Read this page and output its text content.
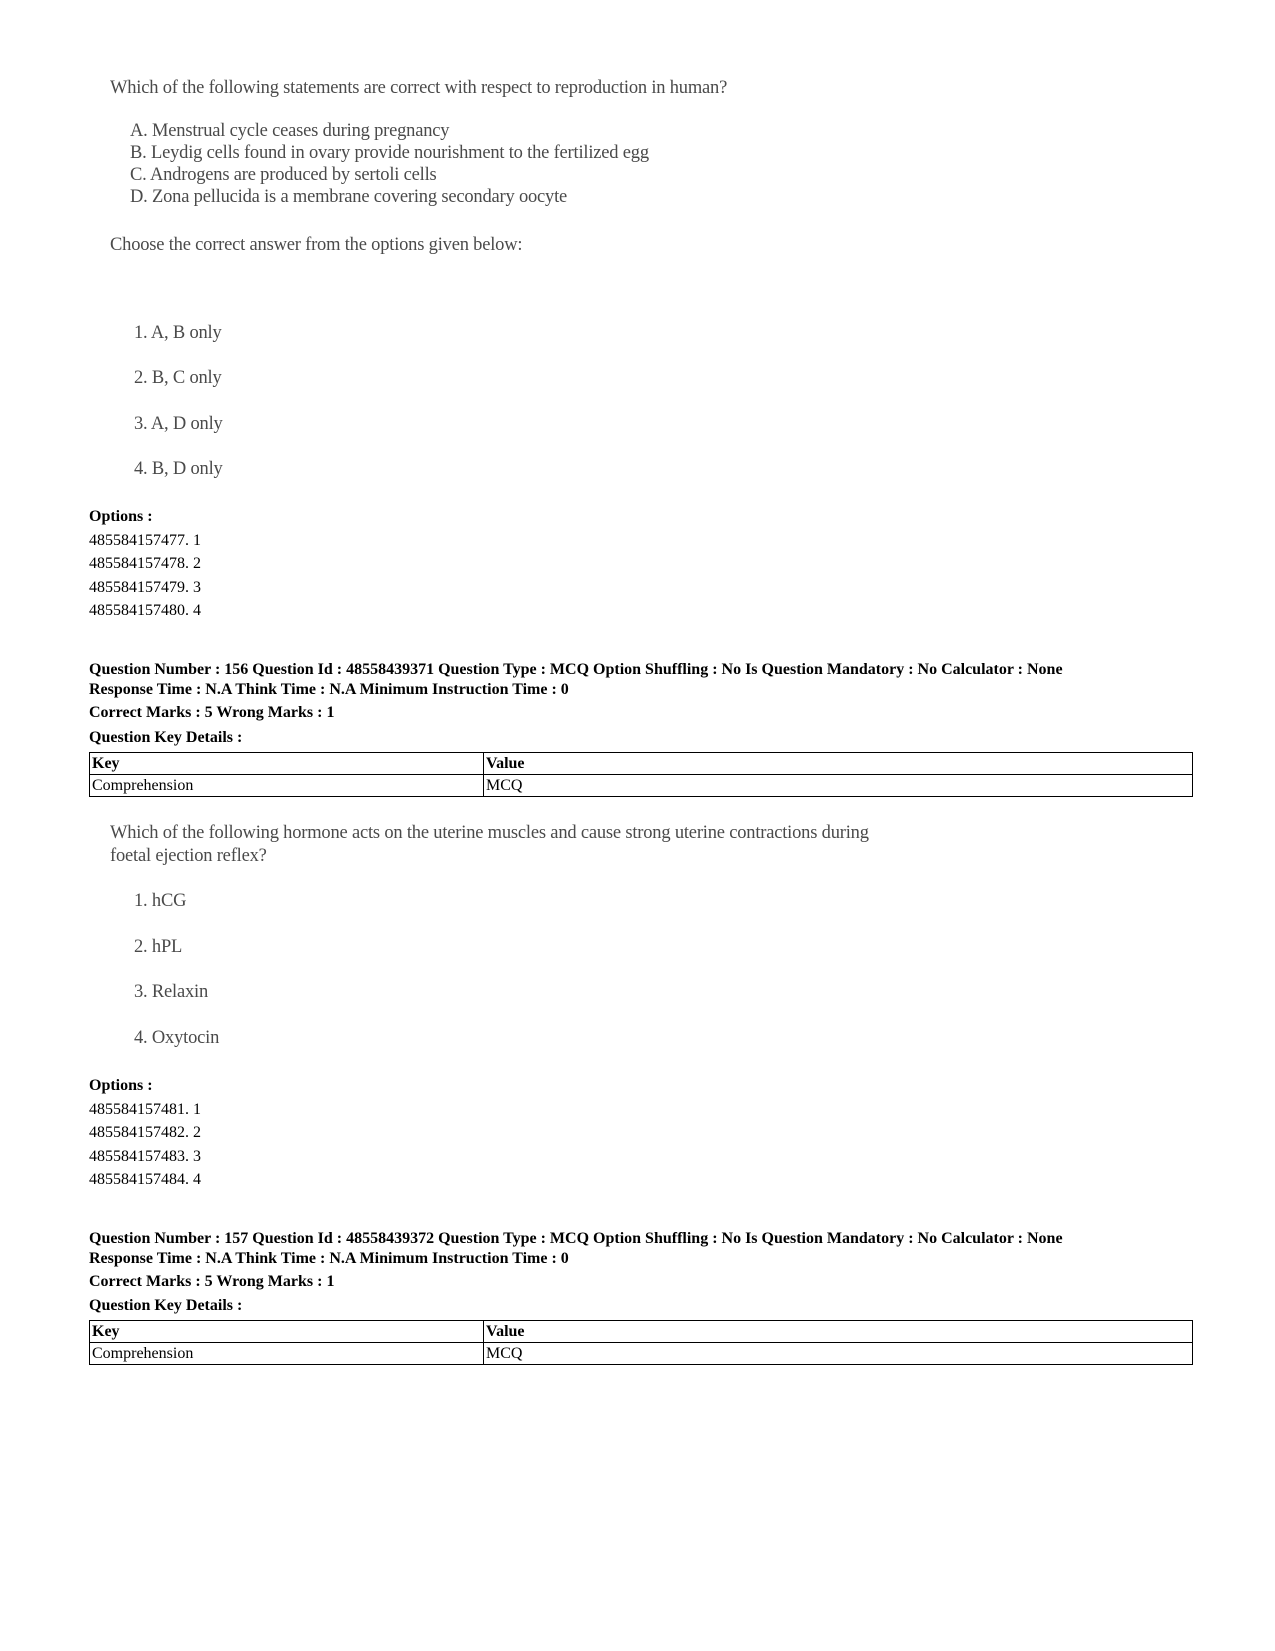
Which of the following statements are correct with respect to reproduction in human?
A. Menstrual cycle ceases during pregnancy
B. Leydig cells found in ovary provide nourishment to the fertilized egg
C. Androgens are produced by sertoli cells
D. Zona pellucida is a membrane covering secondary oocyte
Choose the correct answer from the options given below:
1. A, B only
2. B, C only
3. A, D only
4. B, D only
Options :
485584157477. 1
485584157478. 2
485584157479. 3
485584157480. 4
Question Number : 156 Question Id : 48558439371 Question Type : MCQ Option Shuffling : No Is Question Mandatory : No Calculator : None
Response Time : N.A Think Time : N.A Minimum Instruction Time : 0
Correct Marks : 5 Wrong Marks : 1
Question Key Details :
Key	Value
Comprehension	MCQ
Which of the following hormone acts on the uterine muscles and cause strong uterine contractions during
foetal ejection reflex?
1. hCG
2. hPL
3. Relaxin
4. Oxytocin
Options :
485584157481. 1
485584157482. 2
485584157483. 3
485584157484. 4
Question Number : 157 Question Id : 48558439372 Question Type : MCQ Option Shuffling : No Is Question Mandatory : No Calculator : None
Response Time : N.A Think Time : N.A Minimum Instruction Time : 0
Correct Marks : 5 Wrong Marks : 1
Question Key Details :
Key	Value
Comprehension	MCQ
